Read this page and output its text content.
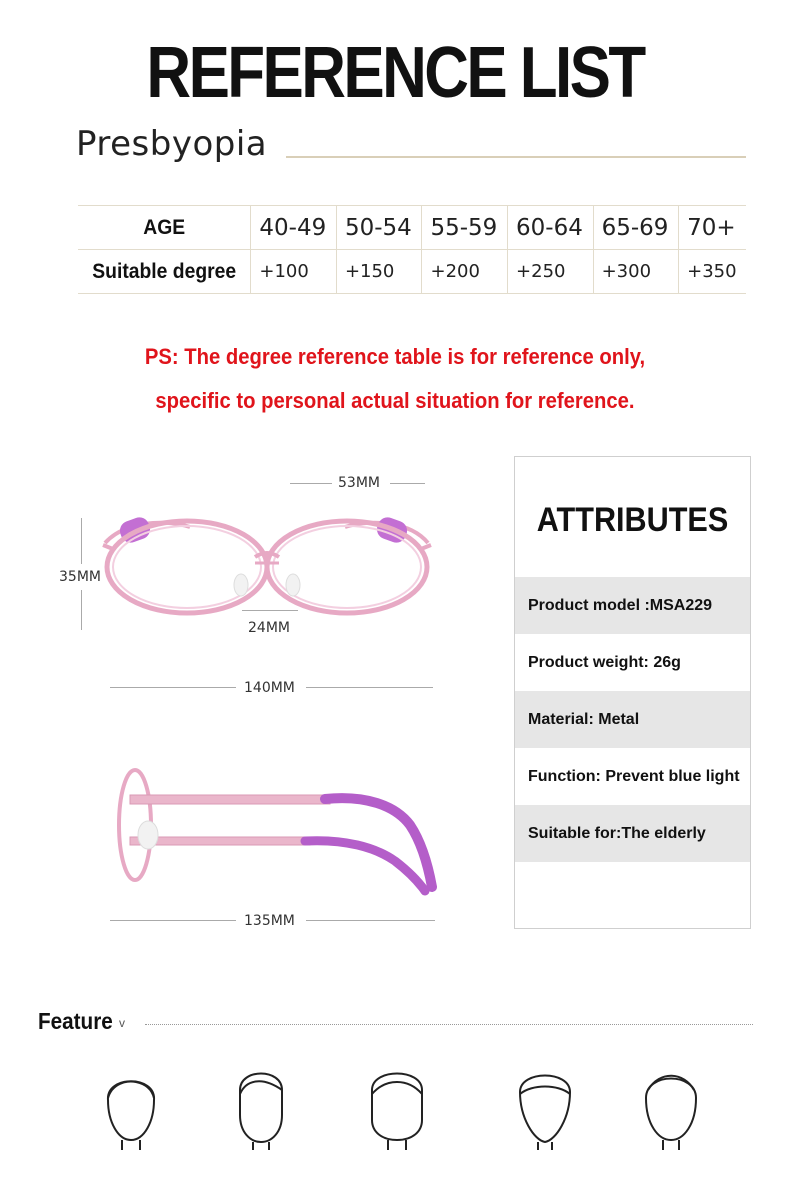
REFERENCE LIST
Presbyopia
AGE	40-49	50-54	55-59	60-64	65-69	70+
Suitable degree	+100	+150	+200	+250	+300	+350
PS: The degree reference table is for reference only,
specific to personal actual situation for reference.
53MM
35MM
24MM
140MM
135MM
ATTRIBUTES
Product model :MSA229
Product weight: 26g
Material: Metal
Function: Prevent blue light
Suitable for:The elderly
Feature v
